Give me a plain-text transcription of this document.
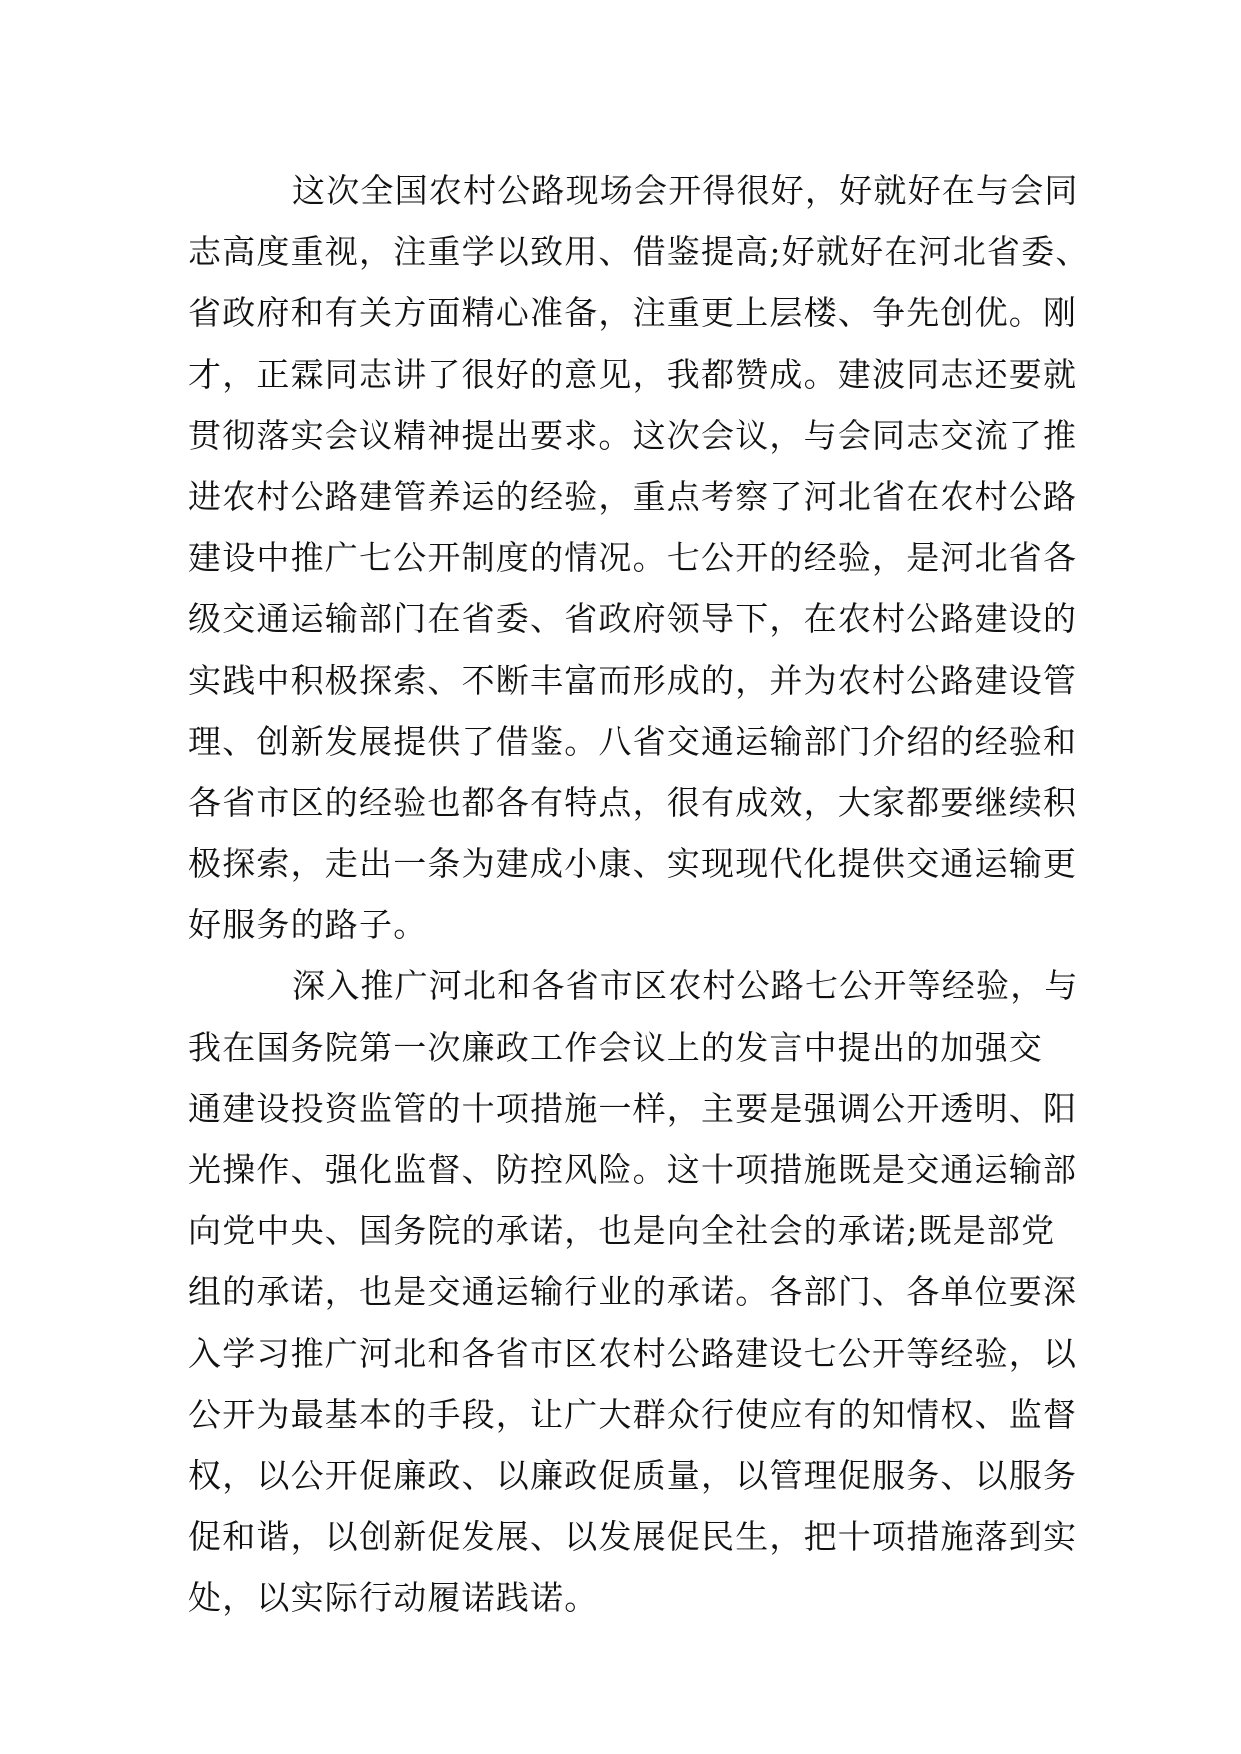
这次全国农村公路现场会开得很好，好就好在与会同
志高度重视，注重学以致用、借鉴提高;好就好在河北省委、
省政府和有关方面精心准备，注重更上层楼、争先创优。刚
才，正霖同志讲了很好的意见，我都赞成。建波同志还要就
贯彻落实会议精神提出要求。这次会议，与会同志交流了推
进农村公路建管养运的经验，重点考察了河北省在农村公路
建设中推广七公开制度的情况。七公开的经验，是河北省各
级交通运输部门在省委、省政府领导下，在农村公路建设的
实践中积极探索、不断丰富而形成的，并为农村公路建设管
理、创新发展提供了借鉴。八省交通运输部门介绍的经验和
各省市区的经验也都各有特点，很有成效，大家都要继续积
极探索，走出一条为建成小康、实现现代化提供交通运输更
好服务的路子。
深入推广河北和各省市区农村公路七公开等经验，与
我在国务院第一次廉政工作会议上的发言中提出的加强交
通建设投资监管的十项措施一样，主要是强调公开透明、阳
光操作、强化监督、防控风险。这十项措施既是交通运输部
向党中央、国务院的承诺，也是向全社会的承诺;既是部党
组的承诺，也是交通运输行业的承诺。各部门、各单位要深
入学习推广河北和各省市区农村公路建设七公开等经验，以
公开为最基本的手段，让广大群众行使应有的知情权、监督
权，以公开促廉政、以廉政促质量，以管理促服务、以服务
促和谐，以创新促发展、以发展促民生，把十项措施落到实
处，以实际行动履诺践诺。
